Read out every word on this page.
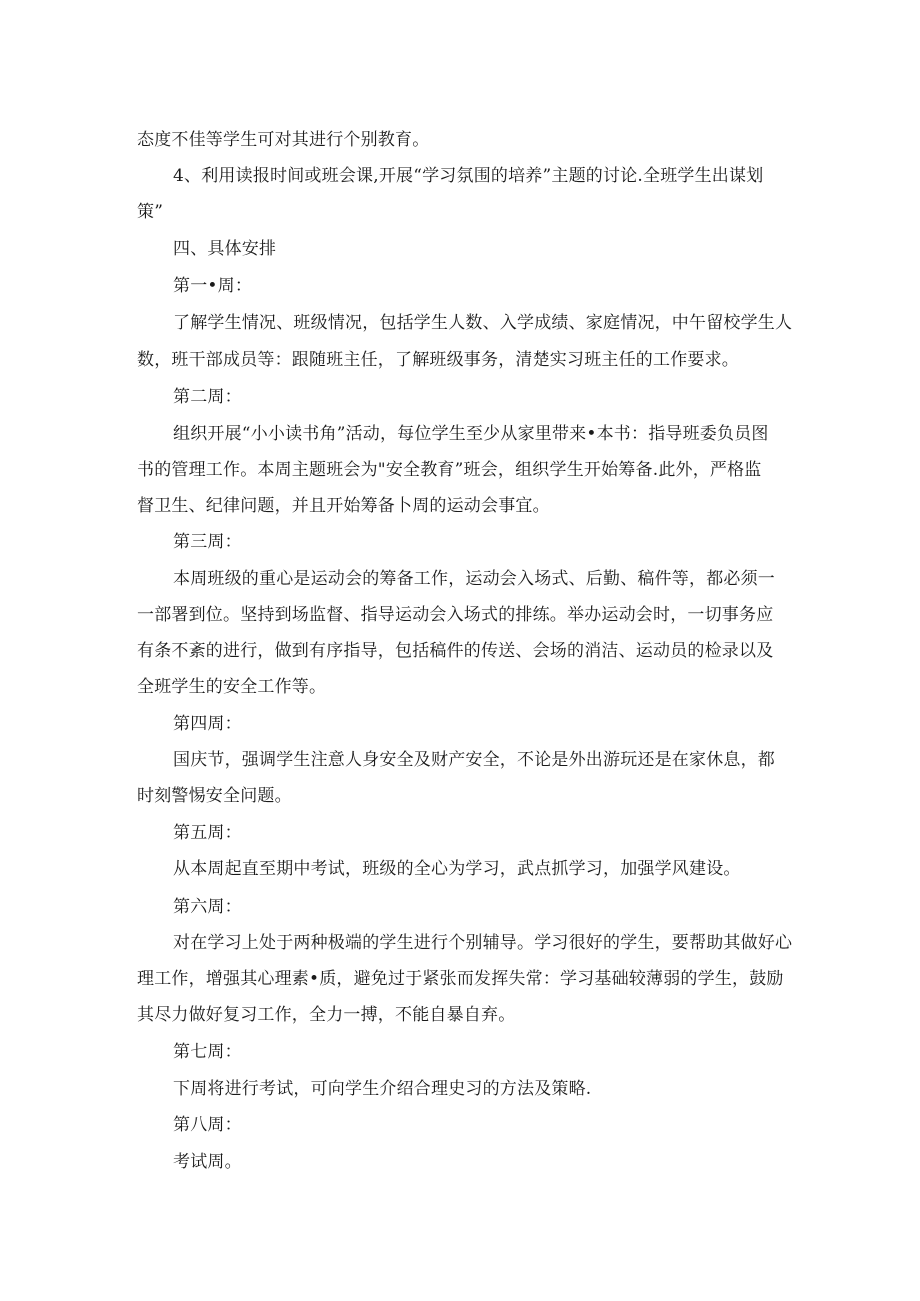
态度不佳等学生可对其进行个别教育。
4、利用读报时间或班会课,开展“学习氛围的培养”主题的讨论.全班学生出谋划
策”
四、具体安排
第一•周：
了解学生情况、班级情况，包括学生人数、入学成绩、家庭情况，中午留校学生人
数，班干部成员等：跟随班主任，了解班级事务，清楚实习班主任的工作要求。
第二周：
组织开展“小小读书角”活动，每位学生至少从家里带来•本书：指导班委负员图
书的管理工作。本周主题班会为"安全教育”班会，组织学生开始筹备.此外，严格监
督卫生、纪律问题，并且开始筹备卜周的运动会事宜。
第三周：
本周班级的重心是运动会的筹备工作，运动会入场式、后勤、稿件等，都必须一
一部署到位。坚持到场监督、指导运动会入场式的排练。举办运动会时，一切事务应
有条不紊的进行，做到有序指导，包括稿件的传送、会场的消洁、运动员的检录以及
全班学生的安全工作等。
第四周：
国庆节，强调学生注意人身安全及财产安全，不论是外出游玩还是在家休息，都
时刻警惕安全问题。
第五周：
从本周起直至期中考试，班级的全心为学习，武点抓学习，加强学风建设。
第六周：
对在学习上处于两种极端的学生进行个别辅导。学习很好的学生，要帮助其做好心
理工作，增强其心理素•质，避免过于紧张而发挥失常：学习基础较薄弱的学生，鼓励
其尽力做好复习工作，全力一搏，不能自暴自弃。
第七周：
下周将进行考试，可向学生介绍合理史习的方法及策略.
第八周：
考试周。
